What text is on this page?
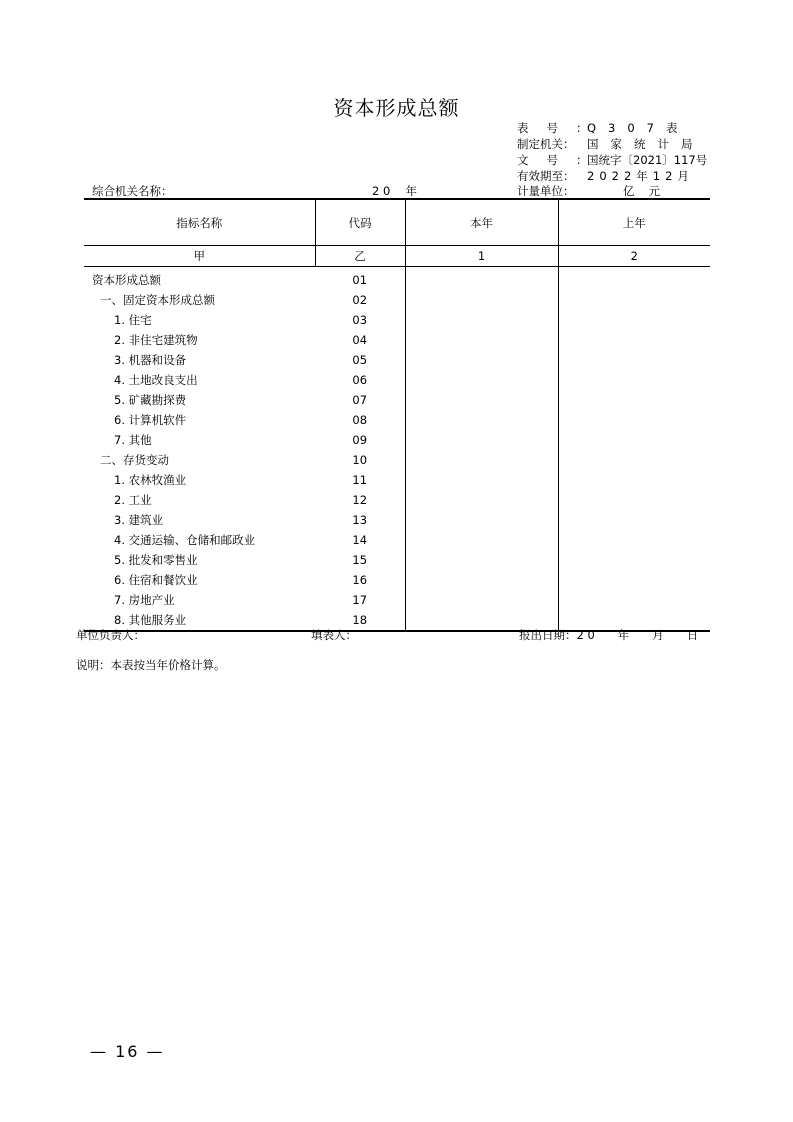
资本形成总额
表号：Q307表
制定机关： 国家统计局
文号：国统字〔2021〕117号
有效期至： 2022年12月
综合机关名称：	2 0　 年	计量单位：	亿元
指标名称	代码	本年	上年
甲	乙	1	2
资本形成总额	01		
一、固定资本形成总额	02		
1. 住宅	03		
2. 非住宅建筑物	04		
3. 机器和设备	05		
4. 土地改良支出	06		
5. 矿藏勘探费	07		
6. 计算机软件	08		
7. 其他	09		
二、存货变动	10		
1. 农林牧渔业	11		
2. 工业	12		
3. 建筑业	13		
4. 交通运输、仓储和邮政业	14		
5. 批发和零售业	15		
6. 住宿和餐饮业	16		
7. 房地产业	17		
8. 其他服务业	18		
单位负责人：	填表人：	报出日期：2 0　　年　　月　　日
说明：本表按当年价格计算。
— 16 —
